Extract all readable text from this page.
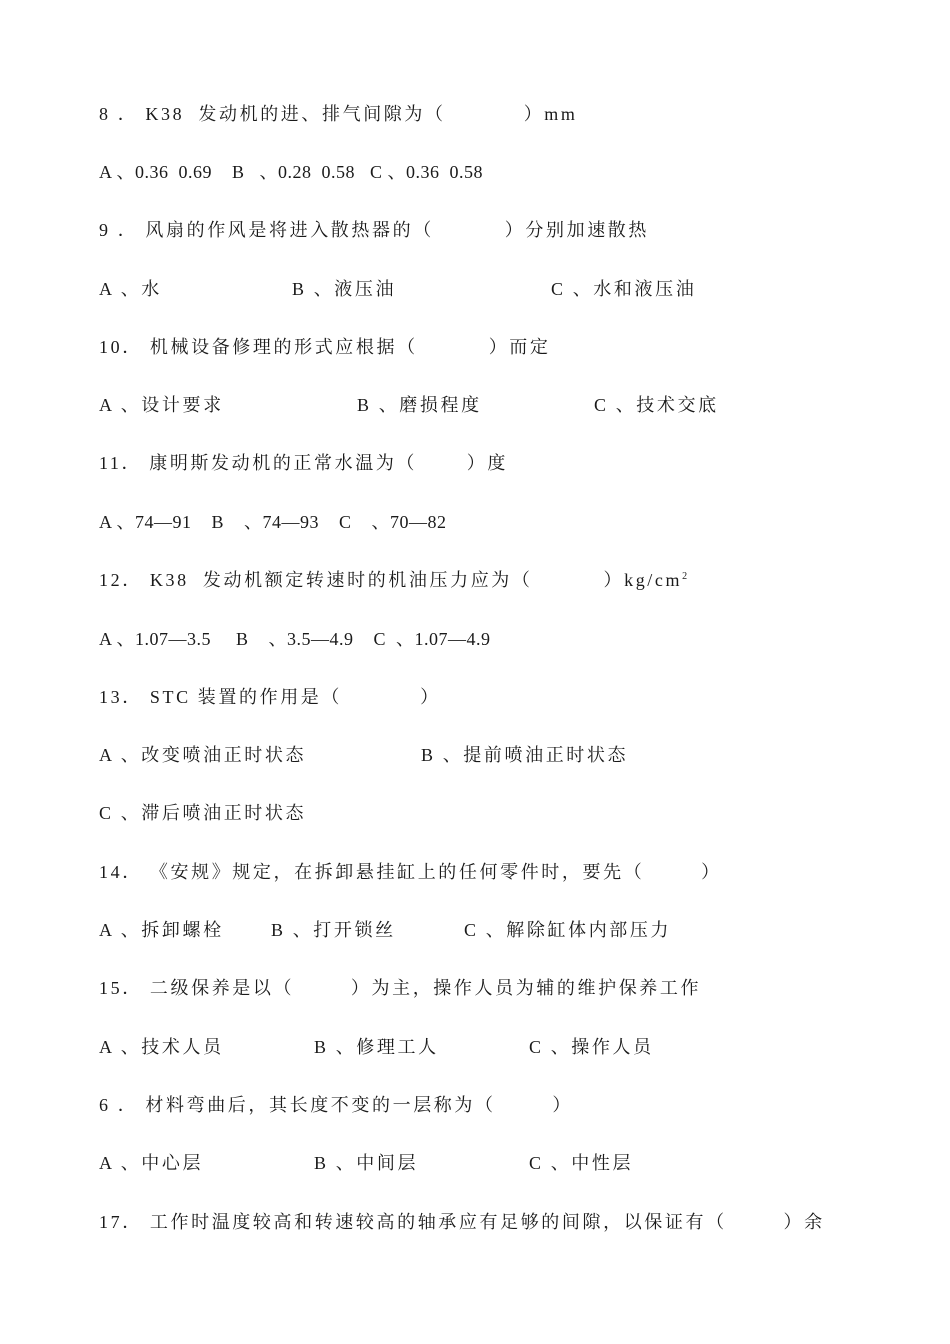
8 ． K38  发动机的进、排气间隙为（           ）mm
A 、0.36  0.69    B   、0.28  0.58   C 、0.36  0.58
9 ． 风扇的作风是将进入散热器的（          ）分别加速散热

A 、水

	B 、液压油

	C 、水和液压油

10． 机械设备修理的形式应根据（          ）而定

A 、设计要求

	B 、磨损程度

	C 、技术交底

11． 康明斯发动机的正常水温为（       ）度
A 、74—91    B    、74—93    C    、70—82
12． K38  发动机额定转速时的机油压力应为（          ）$kg/cm^2$
A 、1.07—3.5     B    、3.5—4.9    C  、1.07—4.9
13． STC 装置的作用是（           ）

A 、改变喷油正时状态

	B 、提前喷油正时状态

C 、滞后喷油正时状态
14． 《安规》规定，在拆卸悬挂缸上的任何零件时，要先（        ）

A 、拆卸螺栓

	B 、打开锁丝

	C 、解除缸体内部压力

15． 二级保养是以（        ）为主，操作人员为辅的维护保养工作

A 、技术人员

	B 、修理工人

	C 、操作人员

6 ． 材料弯曲后，其长度不变的一层称为（        ）

A 、中心层

	B 、中间层

	C 、中性层

17． 工作时温度较高和转速较高的轴承应有足够的间隙，以保证有（        ）余
